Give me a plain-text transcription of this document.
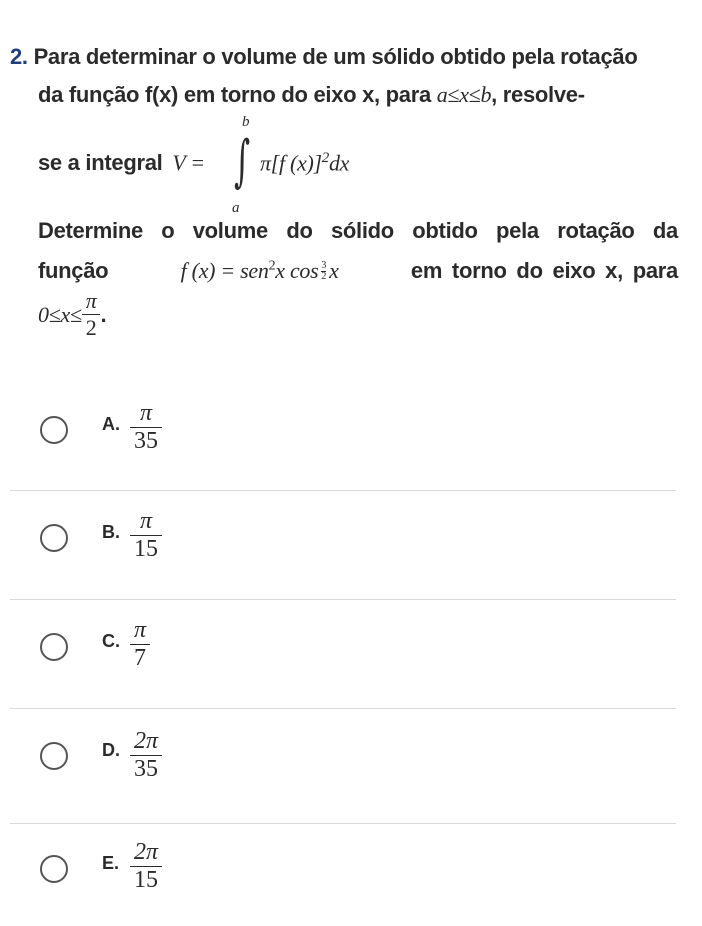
2. Para determinar o volume de um sólido obtido pela rotação
da função f(x) em torno do eixo x, para a≤x≤b, resolve-
se a integral V =
b
∫
a
π[f (x)]$^2$dx
Determine o volume do sólido obtido pela rotação da
função	f (x) = sen$^2$x cos $^{\frac{3}{2}}$ x	em torno do eixo x, para
$0\le x\le \frac{\pi}{2}$ .
A. π
35
B. π
15
C. π
7
D. 2π
35
E. 2π
15
